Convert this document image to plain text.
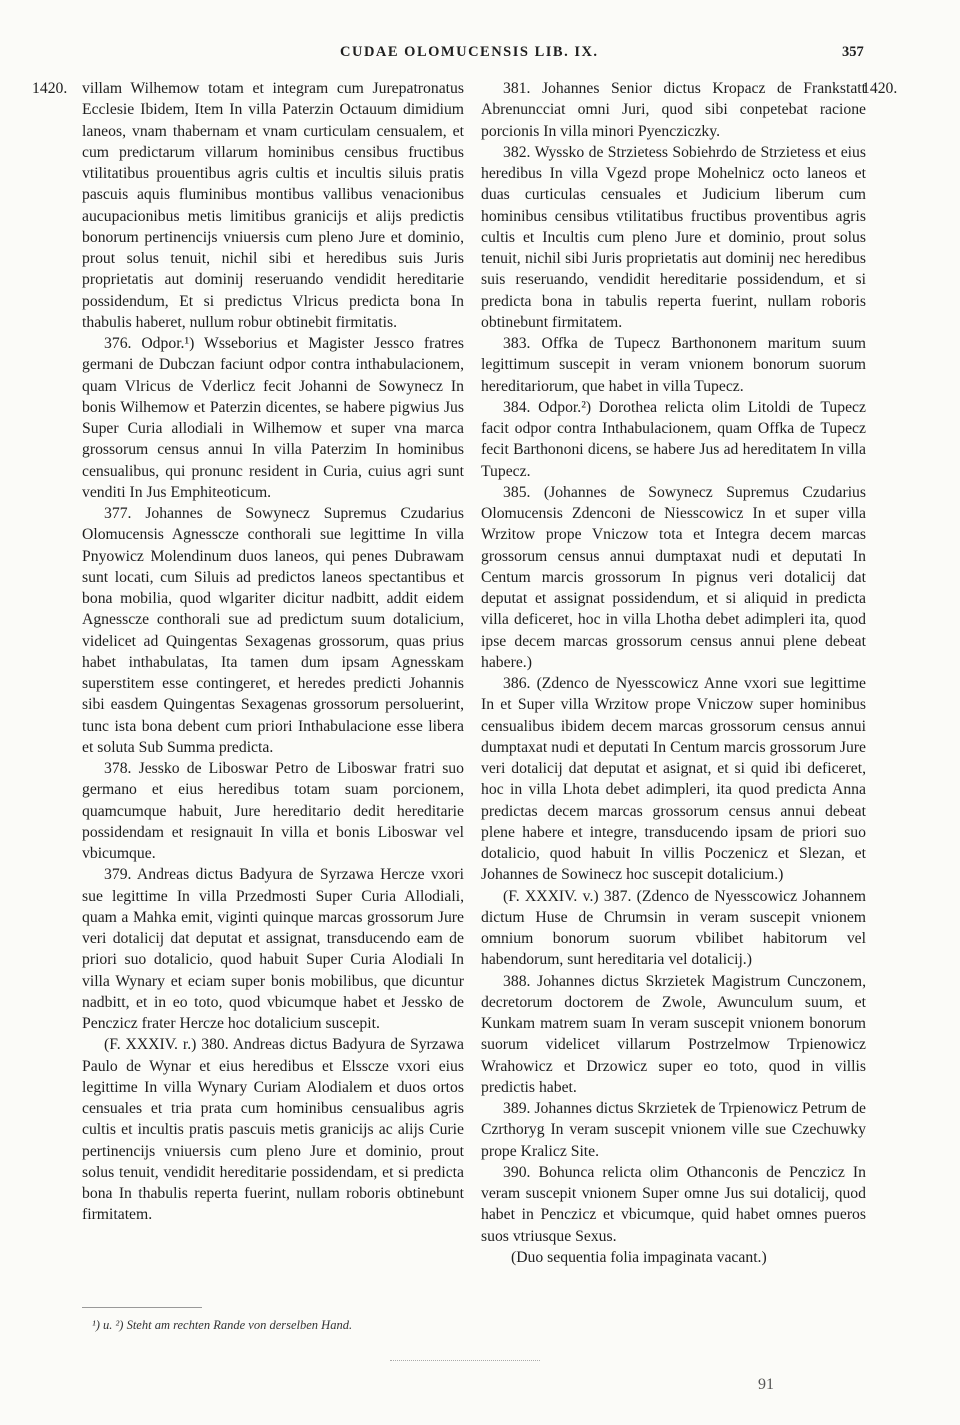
CUDAE OLOMUCENSIS LIB. IX.	357
1420.	1420.

villam Wilhemow totam et integram cum Jurepatronatus Ecclesie Ibidem, Item In villa Paterzin Octauum dimidium laneos, vnam thabernam et vnam curticulam censualem, et cum predictarum villarum hominibus censibus fructibus vtilitatibus prouentibus agris cultis et incultis siluis pratis pascuis aquis fluminibus montibus vallibus venacionibus aucupacionibus metis limitibus granicijs et alijs predictis bonorum pertinencijs vniuersis cum pleno Jure et dominio, prout solus tenuit, nichil sibi et heredibus suis Juris proprietatis aut dominij reseruando vendidit hereditarie possidendum, Et si predictus Vlricus predicta bona In thabulis haberet, nullum robur obtinebit firmitatis.

376. Odpor.¹) Wsseborius et Magister Jessco fratres germani de Dubczan faciunt odpor contra inthabulacionem, quam Vlricus de Vderlicz fecit Johanni de Sowynecz In bonis Wilhemow et Paterzin dicentes, se habere pigwius Jus Super Curia allodiali in Wilhemow et super vna marca grossorum census annui In villa Paterzim In hominibus censualibus, qui pronunc resident in Curia, cuius agri sunt venditi In Jus Emphiteoticum.

377. Johannes de Sowynecz Supremus Czudarius Olomucensis Agnessczе conthorali sue legittime In villa Pnyowicz Molendinum duos laneos, qui penes Dubrawam sunt locati, cum Siluis ad predictos laneos spectantibus et bona mobilia, quod wlgariter dicitur nadbitt, addit eidem Agnessczе conthorali sue ad predictum suum dotalicium, videlicet ad Quingentas Sexagenas grossorum, quas prius habet inthabulatas, Ita tamen dum ipsam Agnesskam superstitem esse contingeret, et heredes predicti Johannis sibi easdem Quingentas Sexagenas grossorum persoluerint, tunc ista bona debent cum priori Inthabulacione esse libera et soluta Sub Summa predicta.

378. Jessko de Liboswar Petro de Liboswar fratri suo germano et eius heredibus totam suam porcionem, quamcumque habuit, Jure hereditario dedit hereditarie possidendam et resignauit In villa et bonis Liboswar vel vbicumque.

379. Andreas dictus Badyura de Syrzawa Hercze vxori sue legittime In villa Przedmosti Super Curia Allodiali, quam a Mahka emit, viginti quinque marcas grossorum Jure veri dotalicij dat deputat et assignat, transducendo eam de priori suo dotalicio, quod habuit Super Curia Alodiali In villa Wynary et eciam super bonis mobilibus, que dicuntur nadbitt, et in eo toto, quod vbicumque habet et Jessko de Penczicz frater Hercze hoc dotalicium suscepit.

(F. XXXIV. r.) 380. Andreas dictus Badyura de Syrzawa Paulo de Wynar et eius heredibus et Elsscze vxori eius legittime In villa Wynary Curiam Alodialem et duos ortos censuales et tria prata cum hominibus censualibus agris cultis et incultis pratis pascuis metis granicijs ac alijs Curie pertinencijs vniuersis cum pleno Jure et dominio, prout solus tenuit, vendidit hereditarie possidendam, et si predicta bona In thabulis reperta fuerint, nullam roboris obtinebunt firmitatem.

381. Johannes Senior dictus Kropacz de Frankstatt Abrenuncciat omni Juri, quod sibi conpetebat racione porcionis In villa minori Pyencziczky.

382. Wyssko de Strzietess Sobiehrdo de Strzietess et eius heredibus In villa Vgezd prope Mohelnicz octo laneos et duas curticulas censuales et Judicium liberum cum hominibus censibus vtilitatibus fructibus proventibus agris cultis et Incultis cum pleno Jure et dominio, prout solus tenuit, nichil sibi Juris proprietatis aut dominij nec heredibus suis reseruando, vendidit hereditarie possidendum, et si predicta bona in tabulis reperta fuerint, nullam roboris obtinebunt firmitatem.

383. Offka de Tupecz Barthononem maritum suum legittimum suscepit in veram vnionem bonorum suorum hereditariorum, que habet in villa Tupecz.

384. Odpor.²) Dorothea relicta olim Litoldi de Tupecz facit odpor contra Inthabulacionem, quam Offka de Tupecz fecit Barthononi dicens, se habere Jus ad hereditatem In villa Tupecz.

385. (Johannes de Sowynecz Supremus Czudarius Olomucensis Zdenconi de Niesscowicz In et super villa Wrzitow prope Vniczow tota et Integra decem marcas grossorum census annui dumptaxat nudi et deputati In Centum marcis grossorum In pignus veri dotalicij dat deputat et assignat possidendum, et si aliquid in predicta villa deficeret, hoc in villa Lhotha debet adimpleri ita, quod ipse decem marcas grossorum census annui plene debeat habere.)

386. (Zdenco de Nyesscowicz Anne vxori sue legittime In et Super villa Wrzitow prope Vniczow super hominibus censualibus ibidem decem marcas grossorum census annui dumptaxat nudi et deputati In Centum marcis grossorum Jure veri dotalicij dat deputat et asignat, et si quid ibi deficeret, hoc in villa Lhota debet adimpleri, ita quod predicta Anna predictas decem marcas grossorum census annui debeat plene habere et integre, transducendo ipsam de priori suo dotalicio, quod habuit In villis Poczenicz et Slezan, et Johannes de Sowinecz hoc suscepit dotalicium.)

(F. XXXIV. v.) 387. (Zdenco de Nyesscowicz Johannem dictum Huse de Chrumsin in veram suscepit vnionem omnium bonorum suorum vbilibet habitorum vel habendorum, sunt hereditaria vel dotalicij.)

388. Johannes dictus Skrzietek Magistrum Cunczonem, decretorum doctorem de Zwole, Awunculum suum, et Kunkam matrem suam In veram suscepit vnionem bonorum suorum videlicet villarum Postrzelmow Trpienowicz Wrahowicz et Drzowicz super eo toto, quod in villis predictis habet.

389. Johannes dictus Skrzietek de Trpienowicz Petrum de Czrthoryg In veram suscepit vnionem ville sue Czechuwky prope Kralicz Site.

390. Bohunca relicta olim Othanconis de Penczicz In veram suscepit vnionem Super omne Jus sui dotalicij, quod habet in Penczicz et vbicumque, quid habet omnes pueros suos vtriusque Sexus.

(Duo sequentia folia impaginata vacant.)

¹) u. ²) Steht am rechten Rande von derselben Hand.
91
